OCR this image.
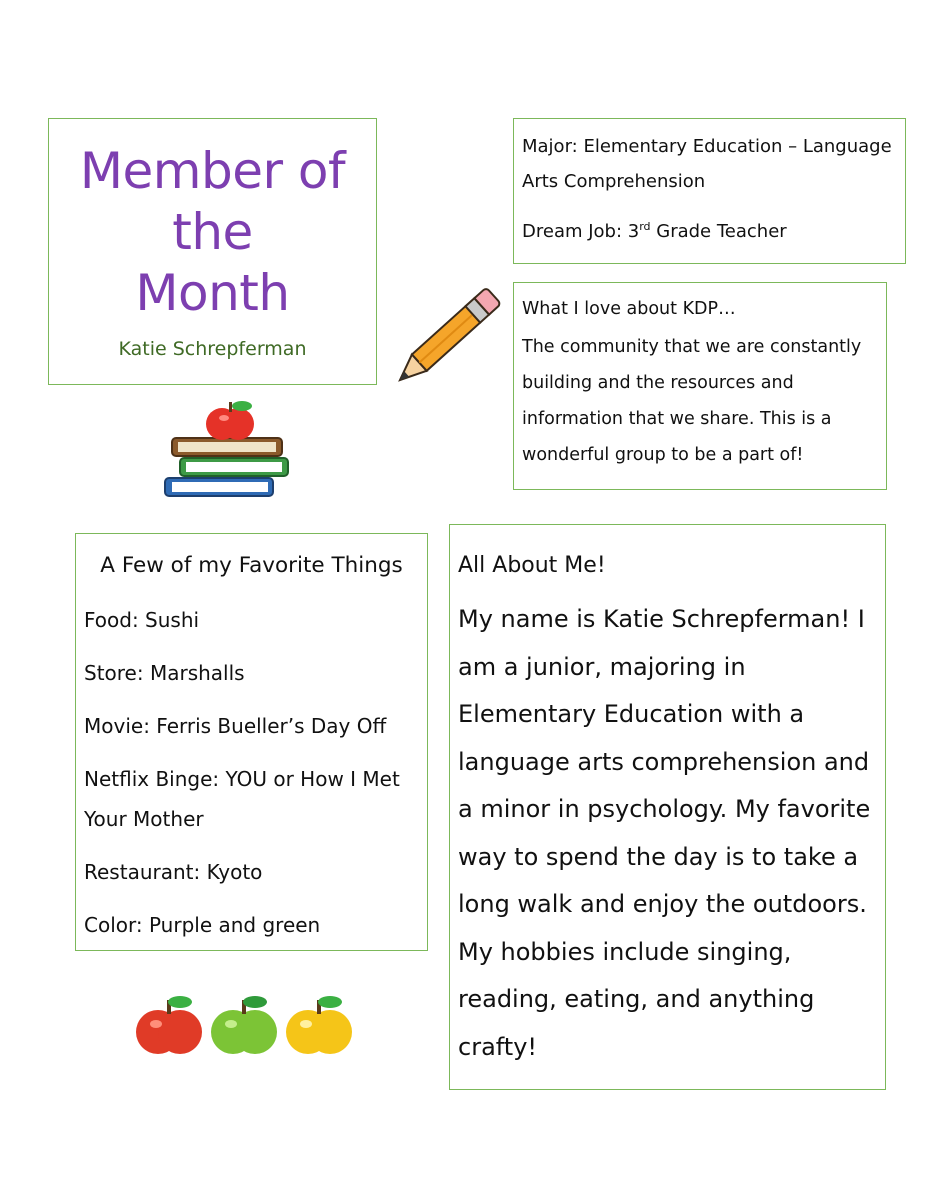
Member of the
Month
Katie Schrepferman

Major: Elementary Education – Language Arts Comprehension

Dream Job: 3rd Grade Teacher

What I love about KDP…

The community that we are constantly building and the resources and information that we share. This is a wonderful group to be a part of!

A Few of my Favorite Things

Food: Sushi

Store: Marshalls

Movie: Ferris Bueller’s Day Off

Netflix Binge: YOU or How I Met Your Mother

Restaurant: Kyoto

Color: Purple and green

All About Me!

My name is Katie Schrepferman! I am a junior, majoring in Elementary Education with a language arts comprehension and a minor in psychology. My favorite way to spend the day is to take a long walk and enjoy the outdoors. My hobbies include singing, reading, eating, and anything crafty!
